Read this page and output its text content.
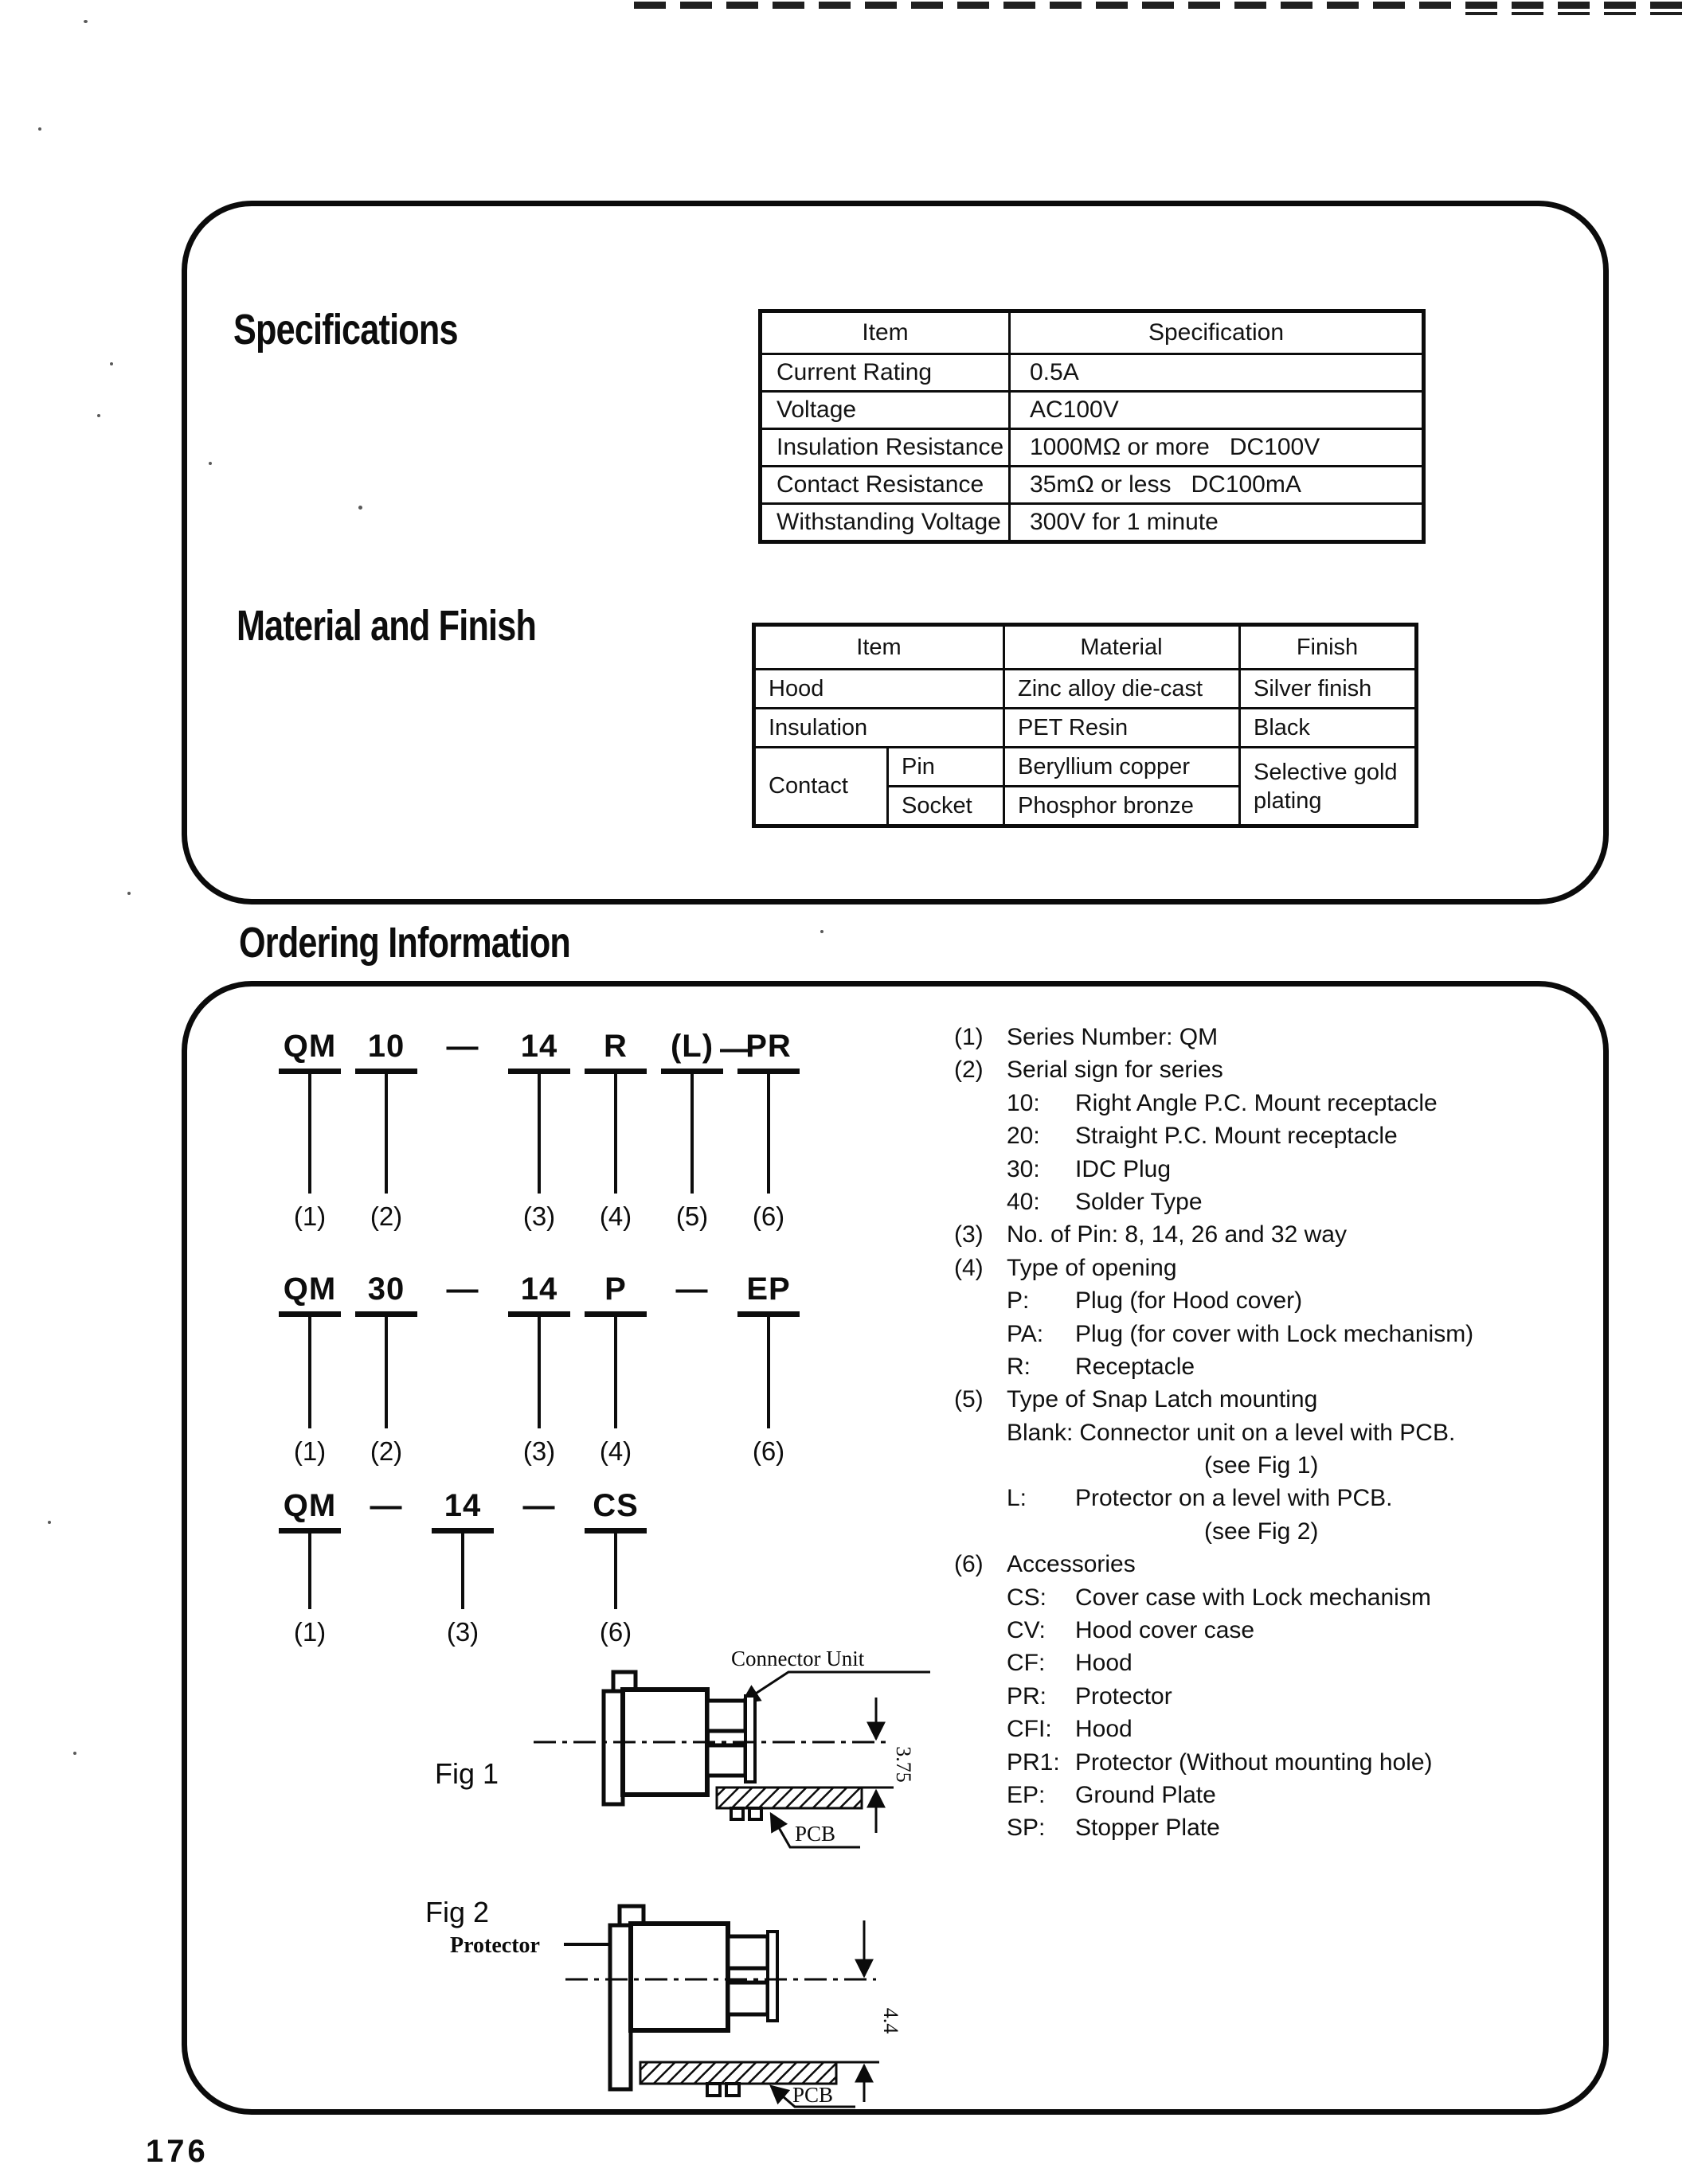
Specifications	Item	Specification
Current Rating	0.5A
Voltage	AC100V
Insulation Resistance	1000MΩ or more   DC100V
Contact Resistance	35mΩ or less   DC100mA
Withstanding Voltage	300V for 1 minute
Material and Finish	Item		Material	Finish
Hood		Zinc alloy die-cast	Silver finish
Insulation		PET Resin	Black
Contact	Pin	Beryllium copper	Selective gold plating
	Socket	Phosphor bronze	
Ordering Information
QM
(1)
10
(2)
— 14
(3)
R
(4)
(L) —
(5)
PR
(6)
QM
(1)
30
(2)
— 14
(3)
P
(4)
— EP
(6)
QM
(1)
— 14
(3)
— CS
(6)
(1) Series Number: QM
(2) Serial sign for series
10:	Right Angle P.C. Mount receptacle
20:	Straight P.C. Mount receptacle
30:	IDC Plug
40:	Solder Type
(3) No. of Pin: 8, 14, 26 and 32 way
(4) Type of opening
P:	Plug (for Hood cover)
PA:	Plug (for cover with Lock mechanism)
R:	Receptacle
(5) Type of Snap Latch mounting
Blank: Connector unit on a level with PCB.
(see Fig 1)
L:	Protector on a level with PCB.
(see Fig 2)
(6) Accessories
CS:	Cover case with Lock mechanism
CV:	Hood cover case
CF:	Hood
PR:	Protector
CFI: Hood
PR1: Protector (Without mounting hole)
EP:	Ground Plate
SP:	Stopper Plate
Fig 1
Connector Unit
3.75
PCB
Fig 2
Protector
4.4
PCB
176
